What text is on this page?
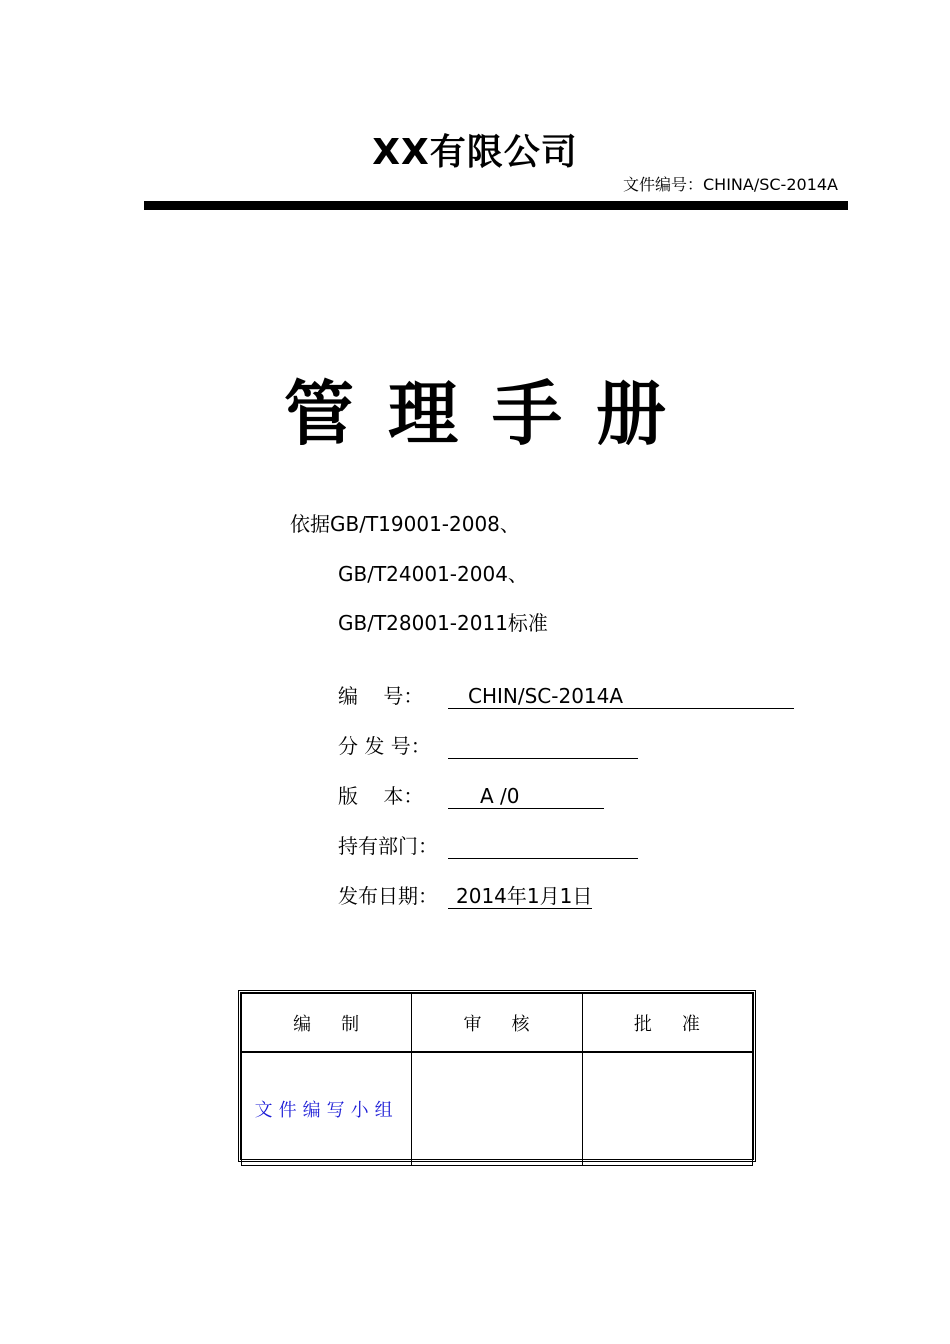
XX有限公司
文件编号：CHINA/SC-2014A
管理手册
依据GB/T19001-2008、
GB/T24001-2004、
GB/T28001-2011标准
编    号：	CHIN/SC-2014A
分 发 号：
版    本：	A /0
持有部门：
发布日期： 2014年1月1日
编制	审核	批准
文件编写小组		
